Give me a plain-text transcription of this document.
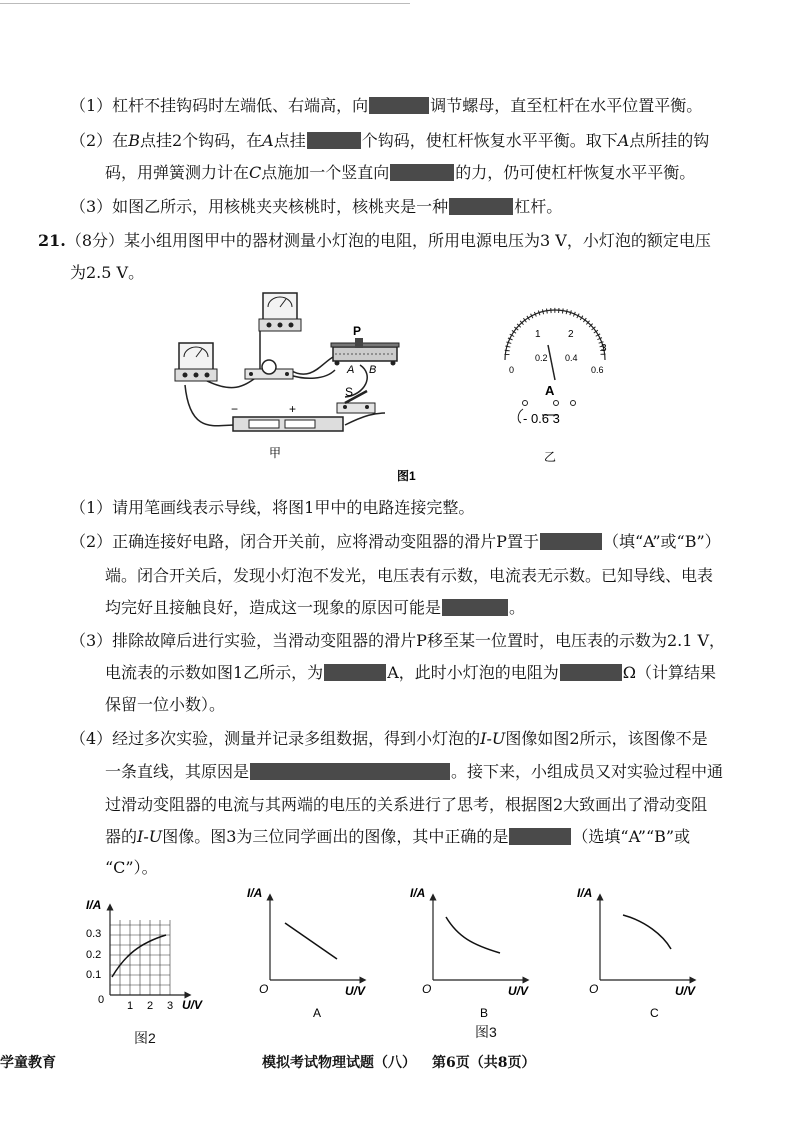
（1）杠杆不挂钩码时左端低、右端高，向	调节螺母，直至杠杆在水平位置平衡。
（2）在B点挂2个钩码，在A点挂	个钩码，使杠杆恢复水平平衡。取下A点所挂的钩
码，用弹簧测力计在C点施加一个竖直向	的力，仍可使杠杆恢复水平平衡。
（3）如图乙所示，用核桃夹夹核桃时，核桃夹是一种	杠杆。
21.（8分）某小组用图甲中的器材测量小灯泡的电阻，所用电源电压为3 V，小灯泡的额定电压
为2.5 V。
P
A B
S
−	+
甲
1	2
3
0
0.2 0.4
0.6
A
- 0.6 3
乙
图1
（1）请用笔画线表示导线，将图1甲中的电路连接完整。
（2）正确连接好电路，闭合开关前，应将滑动变阻器的滑片P置于	（填“A”或“B”）
端。闭合开关后，发现小灯泡不发光，电压表有示数，电流表无示数。已知导线、电表
均完好且接触良好，造成这一现象的原因可能是	。
（3）排除故障后进行实验，当滑动变阻器的滑片P移至某一位置时，电压表的示数为2.1 V，
电流表的示数如图1乙所示，为	A，此时小灯泡的电阻为	Ω（计算结果
保留一位小数）。
（4）经过多次实验，测量并记录多组数据，得到小灯泡的I-U图像如图2所示，该图像不是
一条直线，其原因是	。接下来，小组成员又对实验过程中通
过滑动变阻器的电流与其两端的电压的关系进行了思考，根据图2大致画出了滑动变阻
器的I-U图像。图3为三位同学画出的图像，其中正确的是	（选填“A”“B”或
“C”）。
I/A
0.3
0.2
0.1
0 1 2 3 U/V
图2
I/A
O	U/V
A
I/A
O	U/V
B
I/A
O	U/V
C
图3
学童教育	模拟考试物理试题（八） 第6页（共8页）
